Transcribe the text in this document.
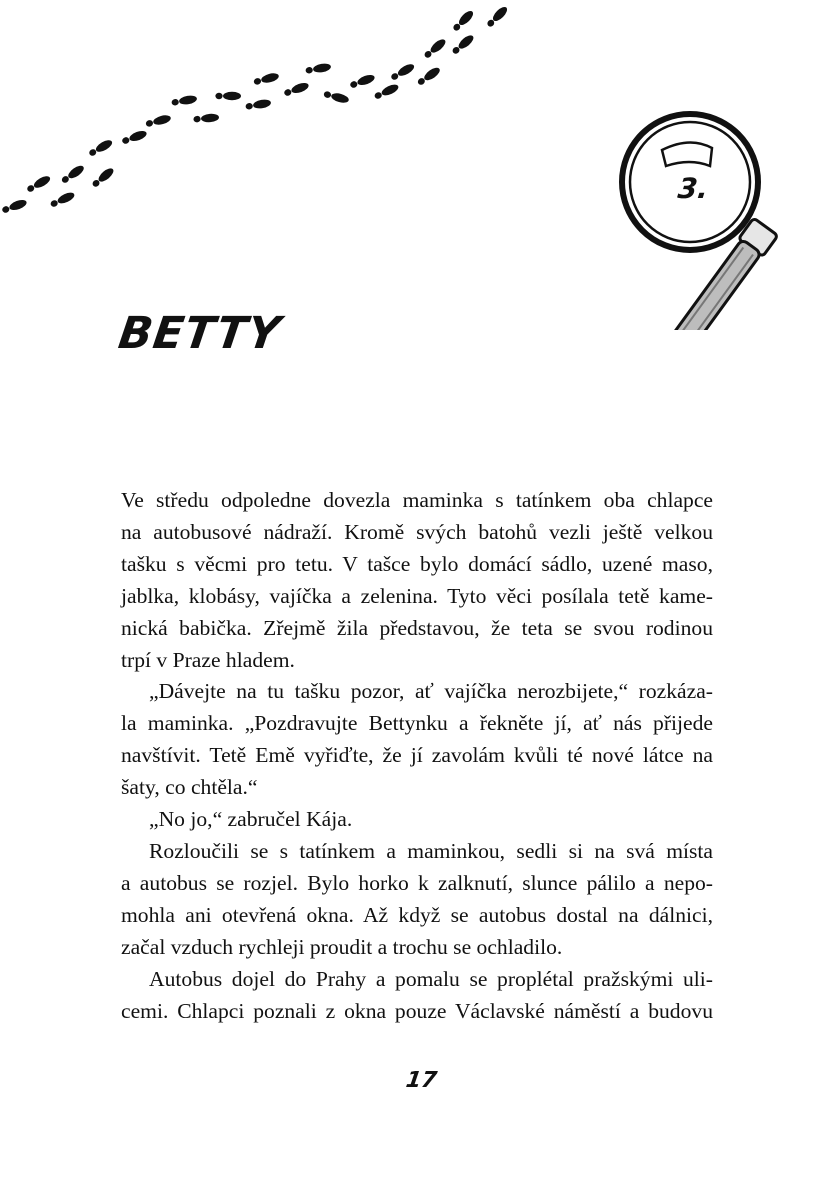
3.
BETTY
Ve středu odpoledne dovezla maminka s tatínkem oba chlapce
na autobusové nádraží. Kromě svých batohů vezli ještě velkou
tašku s věcmi pro tetu. V tašce bylo domácí sádlo, uzené maso,
jablka, klobásy, vajíčka a zelenina. Tyto věci posílala tetě kame-
nická babička. Zřejmě žila představou, že teta se svou rodinou
trpí v Praze hladem.
„Dávejte na tu tašku pozor, ať vajíčka nerozbijete,“ rozkáza-
la maminka. „Pozdravujte Bettynku a řekněte jí, ať nás přijede
navštívit. Tetě Emě vyřiďte, že jí zavolám kvůli té nové látce na
šaty, co chtěla.“
„No jo,“ zabručel Kája.
Rozloučili se s tatínkem a maminkou, sedli si na svá místa
a autobus se rozjel. Bylo horko k zalknutí, slunce pálilo a nepo-
mohla ani otevřená okna. Až když se autobus dostal na dálnici,
začal vzduch rychleji proudit a trochu se ochladilo.
Autobus dojel do Prahy a pomalu se proplétal pražskými uli-
cemi. Chlapci poznali z okna pouze Václavské náměstí a budovu
17
